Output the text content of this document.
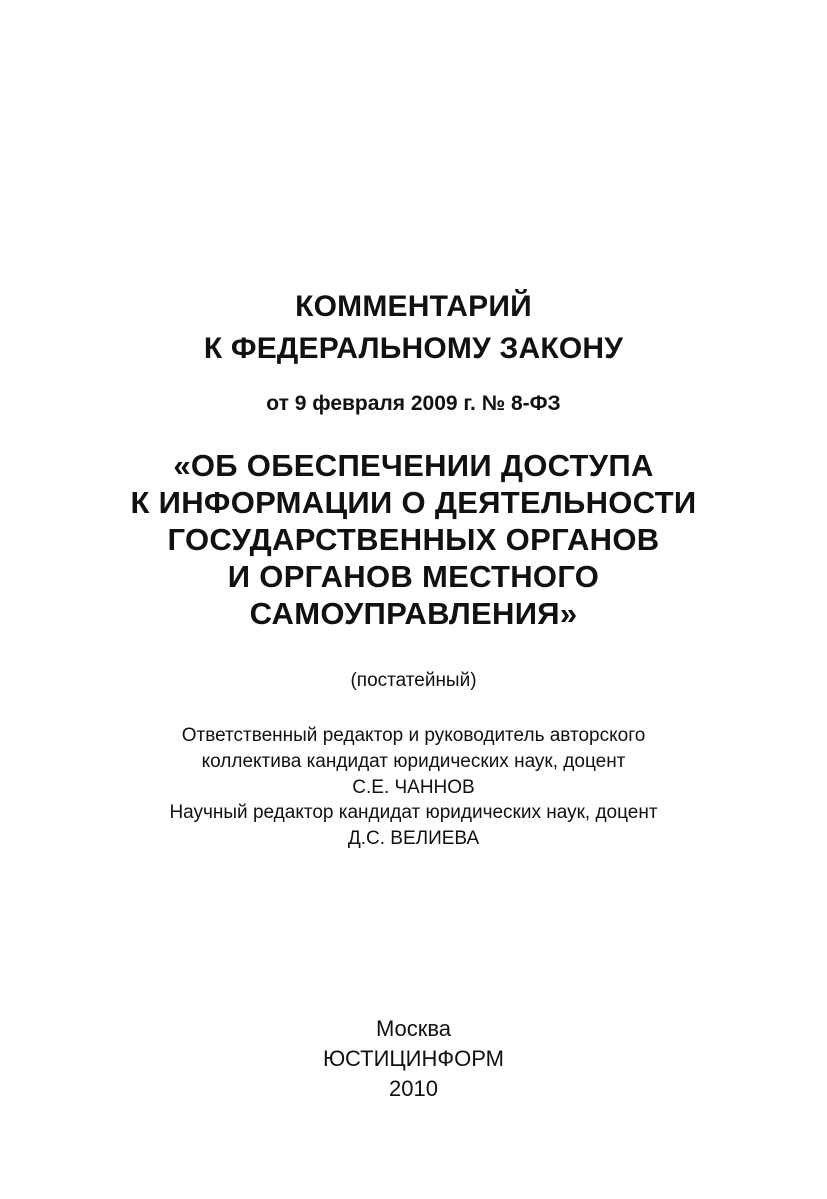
КОММЕНТАРИЙ
К ФЕДЕРАЛЬНОМУ ЗАКОНУ
от 9 февраля 2009 г. № 8-ФЗ
«ОБ ОБЕСПЕЧЕНИИ ДОСТУПА
К ИНФОРМАЦИИ О ДЕЯТЕЛЬНОСТИ
ГОСУДАРСТВЕННЫХ ОРГАНОВ
И ОРГАНОВ МЕСТНОГО
САМОУПРАВЛЕНИЯ»
(постатейный)
Ответственный редактор и руководитель авторского
коллектива кандидат юридических наук, доцент
С.Е. ЧАННОВ
Научный редактор кандидат юридических наук, доцент
Д.С. ВЕЛИЕВА
Москва
ЮСТИЦИНФОРМ
2010
